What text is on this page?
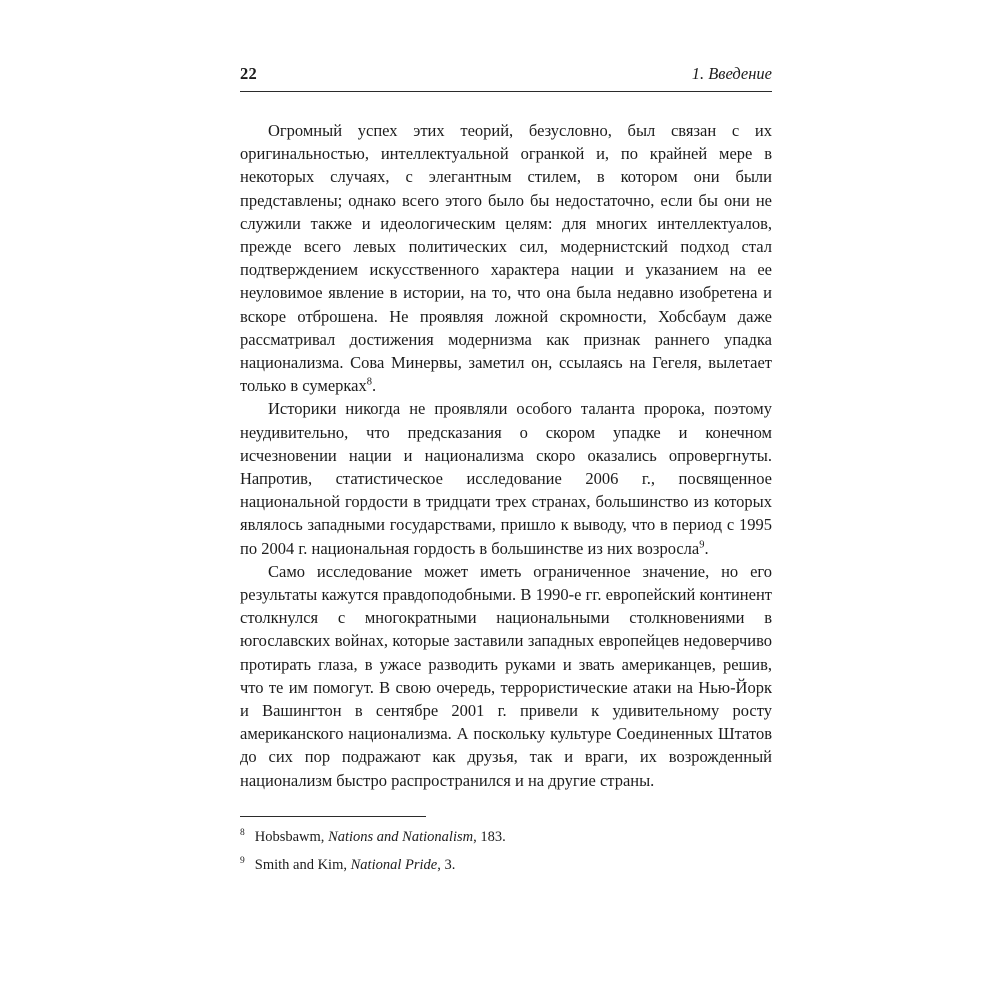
22	1. Введение

Огромный успех этих теорий, безусловно, был связан с их оригинальностью, интеллектуальной огранкой и, по крайней мере в некоторых случаях, с элегантным стилем, в котором они были представлены; однако всего этого было бы недостаточно, если бы они не служили также и идеологическим целям: для многих интеллектуалов, прежде всего левых политических сил, модернистский подход стал подтверждением искусственного характера нации и указанием на ее неуловимое явление в истории, на то, что она была недавно изобретена и вскоре отброшена. Не проявляя ложной скромности, Хобсбаум даже рассматривал достижения модернизма как признак раннего упадка национализма. Сова Минервы, заметил он, ссылаясь на Гегеля, вылетает только в сумерках$^8$.

Историки никогда не проявляли особого таланта пророка, поэтому неудивительно, что предсказания о скором упадке и конечном исчезновении нации и национализма скоро оказались опровергнуты. Напротив, статистическое исследование 2006 г., посвященное национальной гордости в тридцати трех странах, большинство из которых являлось западными государствами, пришло к выводу, что в период с 1995 по 2004 г. национальная гордость в большинстве из них возросла$^9$.

Само исследование может иметь ограниченное значение, но его результаты кажутся правдоподобными. В 1990-е гг. европейский континент столкнулся с многократными национальными столкновениями в югославских войнах, которые заставили западных европейцев недоверчиво протирать глаза, в ужасе разводить руками и звать американцев, решив, что те им помогут. В свою очередь, террористические атаки на Нью-Йорк и Вашингтон в сентябре 2001 г. привели к удивительному росту американского национализма. А поскольку культуре Соединенных Штатов до сих пор подражают как друзья, так и враги, их возрожденный национализм быстро распространился и на другие страны.

$^8$ Hobsbawm, Nations and Nationalism, 183.
$^9$ Smith and Kim, National Pride, 3.
